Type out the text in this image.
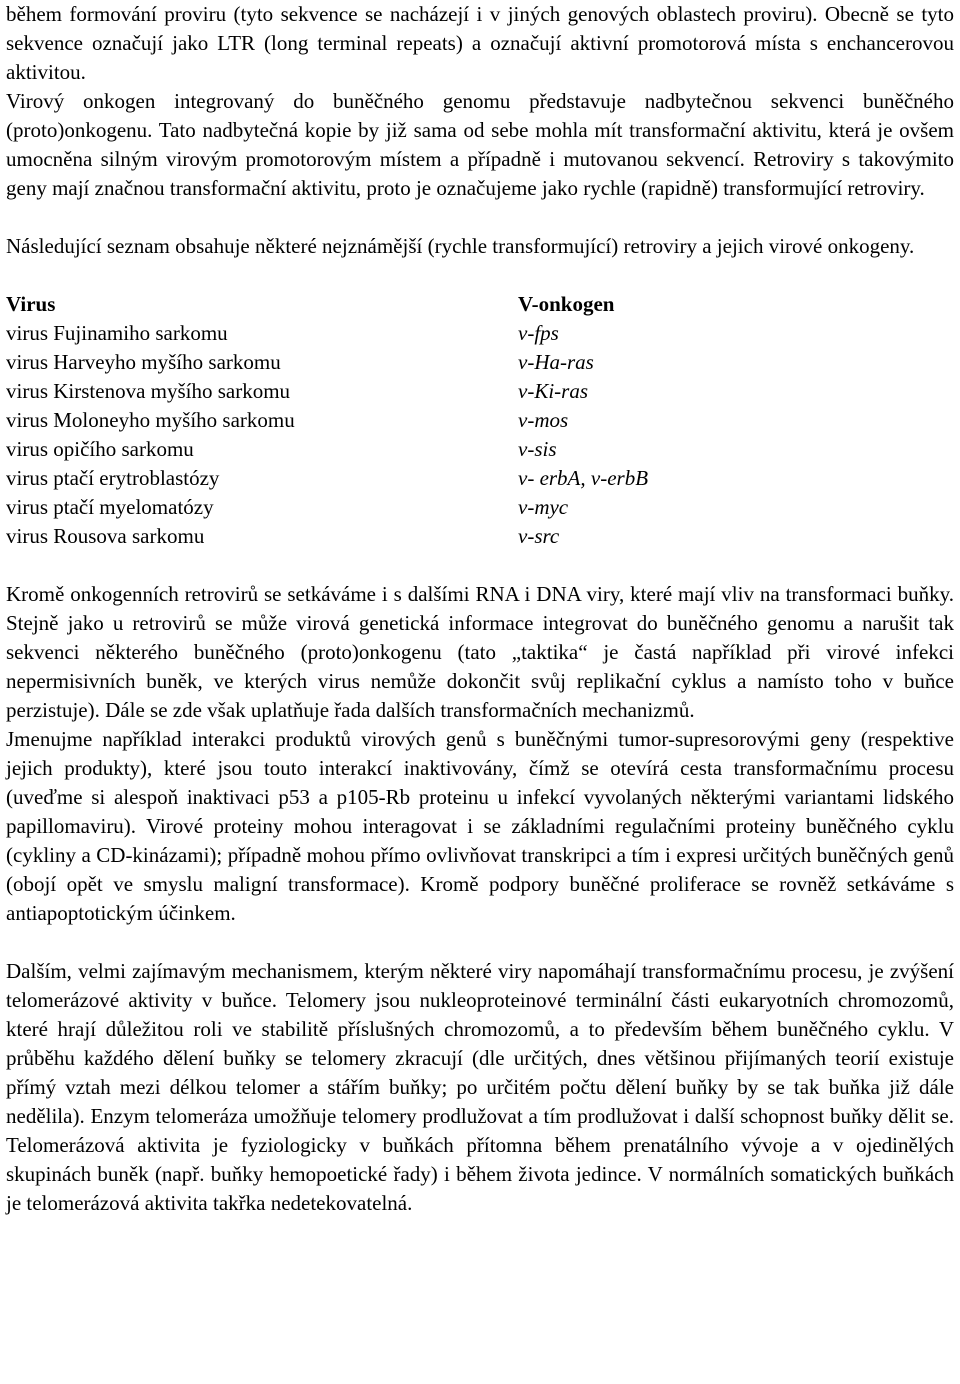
během formování proviru (tyto sekvence se nacházejí i v jiných genových oblastech proviru). Obecně se tyto sekvence označují jako LTR (long terminal repeats) a označují aktivní promotorová místa s enchancerovou aktivitou.

Virový onkogen integrovaný do buněčného genomu představuje nadbytečnou sekvenci buněčného (proto)onkogenu. Tato nadbytečná kopie by již sama od sebe mohla mít transformační aktivitu, která je ovšem umocněna silným virovým promotorovým místem a případně i mutovanou sekvencí. Retroviry s takovýmito geny mají značnou transformační aktivitu, proto je označujeme jako rychle (rapidně) transformující retroviry.

Následující seznam obsahuje některé nejznámější (rychle transformující) retroviry a jejich virové onkogeny.

Virus	V-onkogen
virus Fujinamiho sarkomu	v-fps
virus Harveyho myšího sarkomu	v-Ha-ras
virus Kirstenova myšího sarkomu	v-Ki-ras
virus Moloneyho myšího sarkomu	v-mos
virus opičího sarkomu	v-sis
virus ptačí erytroblastózy	v- erbA, v-erbB
virus ptačí myelomatózy	v-myc
virus Rousova sarkomu	v-src

Kromě onkogenních retrovirů se setkáváme i s dalšími RNA i DNA viry, které mají vliv na transformaci buňky. Stejně jako u retrovirů se může virová genetická informace integrovat do buněčného genomu a narušit tak sekvenci některého buněčného (proto)onkogenu (tato „taktika“ je častá například při virové infekci nepermisivních buněk, ve kterých virus nemůže dokončit svůj replikační cyklus a namísto toho v buňce perzistuje). Dále se zde však uplatňuje řada dalších transformačních mechanizmů.

Jmenujme například interakci produktů virových genů s buněčnými tumor-supresorovými geny (respektive jejich produkty), které jsou touto interakcí inaktivovány, čímž se otevírá cesta transformačnímu procesu (uveďme si alespoň inaktivaci p53 a p105-Rb proteinu u infekcí vyvolaných některými variantami lidského papillomaviru). Virové proteiny mohou interagovat i se základními regulačními proteiny buněčného cyklu (cykliny a CD-kinázami); případně mohou přímo ovlivňovat transkripci a tím i expresi určitých buněčných genů (obojí opět ve smyslu maligní transformace). Kromě podpory buněčné proliferace se rovněž setkáváme s antiapoptotickým účinkem.

Dalším, velmi zajímavým mechanismem, kterým některé viry napomáhají transformačnímu procesu, je zvýšení telomerázové aktivity v buňce. Telomery jsou nukleoproteinové terminální části eukaryotních chromozomů, které hrají důležitou roli ve stabilitě příslušných chromozomů, a to především během buněčného cyklu. V průběhu každého dělení buňky se telomery zkracují (dle určitých, dnes většinou přijímaných teorií existuje přímý vztah mezi délkou telomer a stářím buňky; po určitém počtu dělení buňky by se tak buňka již dále nedělila). Enzym telomeráza umožňuje telomery prodlužovat a tím prodlužovat i další schopnost buňky dělit se. Telomerázová aktivita je fyziologicky v buňkách přítomna během prenatálního vývoje a v ojedinělých skupinách buněk (např. buňky hemopoetické řady) i během života jedince. V normálních somatických buňkách je telomerázová aktivita takřka nedetekovatelná.
